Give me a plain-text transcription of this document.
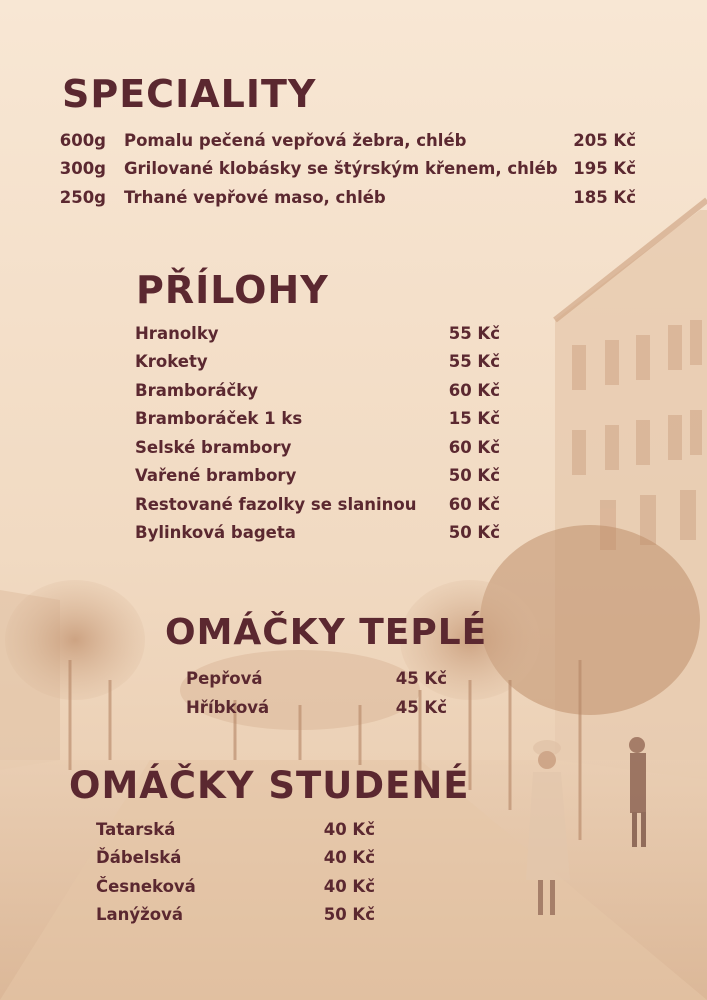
SPECIALITY
600g Pomalu pečená vepřová žebra, chléb	205 Kč
300g Grilované klobásky se štýrským křenem, chléb 195 Kč
250g Trhané vepřové maso, chléb	185 Kč
PŘÍLOHY
Hranolky	55 Kč
Krokety	55 Kč
Bramboráčky	60 Kč
Bramboráček 1 ks	15 Kč
Selské brambory	60 Kč
Vařené brambory	50 Kč
Restované fazolky se slaninou	60 Kč
Bylinková bageta	50 Kč
OMÁČKY TEPLÉ
Pepřová	45 Kč
Hříbková	45 Kč
OMÁČKY STUDENÉ
Tatarská	40 Kč
Ďábelská	40 Kč
Česneková	40 Kč
Lanýžová	50 Kč
